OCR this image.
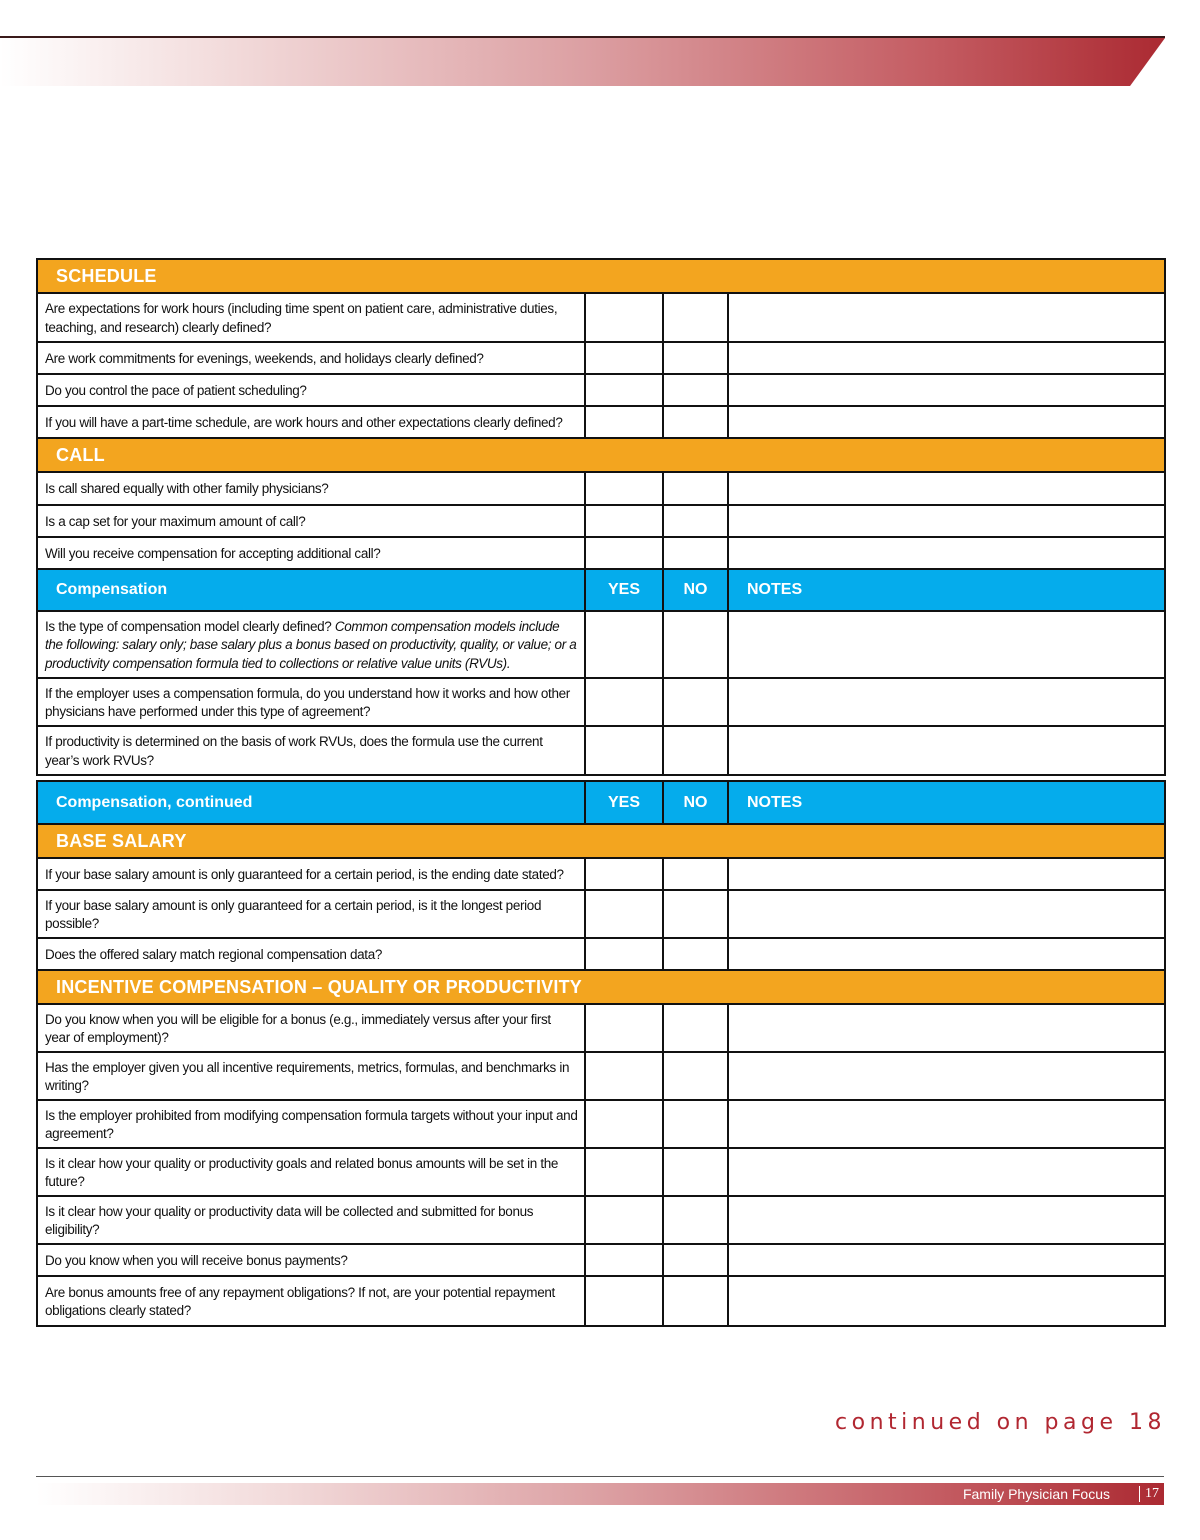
SCHEDULE
Are expectations for work hours (including time spent on patient care, administrative duties, teaching, and research) clearly defined?
Are work commitments for evenings, weekends, and holidays clearly defined?
Do you control the pace of patient scheduling?
If you will have a part-time schedule, are work hours and other expectations clearly defined?
CALL
Is call shared equally with other family physicians?
Is a cap set for your maximum amount of call?
Will you receive compensation for accepting additional call?
Compensation	YES	NO	NOTES
Is the type of compensation model clearly defined? Common compensation models include the following: salary only; base salary plus a bonus based on productivity, quality, or value; or a productivity compensation formula tied to collections or relative value units (RVUs).
If the employer uses a compensation formula, do you understand how it works and how other physicians have performed under this type of agreement?
If productivity is determined on the basis of work RVUs, does the formula use the current year’s work RVUs?
Compensation, continued	YES	NO	NOTES
BASE SALARY
If your base salary amount is only guaranteed for a certain period, is the ending date stated?
If your base salary amount is only guaranteed for a certain period, is it the longest period possible?
Does the offered salary match regional compensation data?
INCENTIVE COMPENSATION – QUALITY OR PRODUCTIVITY
Do you know when you will be eligible for a bonus (e.g., immediately versus after your first year of employment)?
Has the employer given you all incentive requirements, metrics, formulas, and benchmarks in writing?
Is the employer prohibited from modifying compensation formula targets without your input and agreement?
Is it clear how your quality or productivity goals and related bonus amounts will be set in the future?
Is it clear how your quality or productivity data will be collected and submitted for bonus eligibility?
Do you know when you will receive bonus payments?
Are bonus amounts free of any repayment obligations? If not, are your potential repayment obligations clearly stated?
continued on page 18
Family Physician Focus	17
